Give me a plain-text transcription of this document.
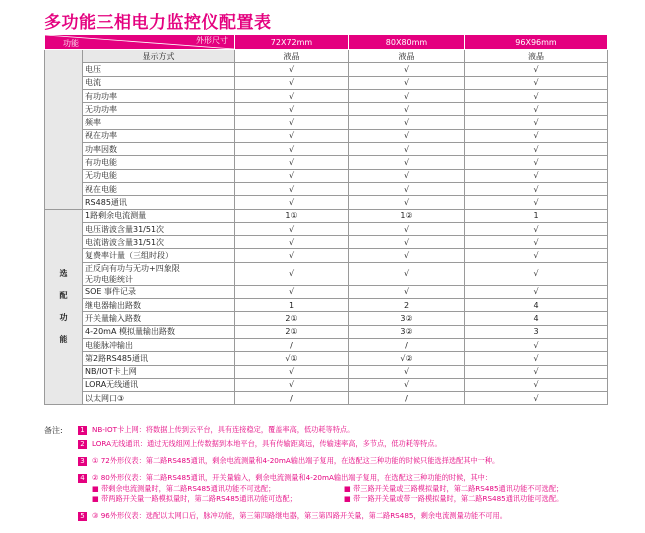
多功能三相电力监控仪配置表
外形尺寸
功能		72X72mm	80X80mm	96X96mm
	显示方式	液晶	液晶	液晶
	电压	√	√	√
	电流	√	√	√
	有功功率	√	√	√
	无功功率	√	√	√
	频率	√	√	√
	视在功率	√	√	√
	功率因数	√	√	√
	有功电能	√	√	√
	无功电能	√	√	√
	视在电能	√	√	√
	RS485通讯	√	√	√
选

配

功

能	1路剩余电流测量	1①	1②	1
	电压谐波含量31/51次	√	√	√
	电流谐波含量31/51次	√	√	√
	复费率计量（三组时段）	√	√	√
	正反向有功与无功+四象限
无功电能统计	√	√	√
	SOE 事件记录	√	√	√
	继电器输出路数	1	2	4
	开关量输入路数	2①	3②	4
	4-20mA 模拟量输出路数	2①	3②	3
	电能脉冲输出	/	/	√
	第2路RS485通讯	√①	√②	√
	NB/IOT卡上网	√	√	√
	LORA无线通讯	√	√	√
	以太网口③	/	/	√
备注:	1 NB-IOT卡上网：将数据上传到云平台，具有连接稳定，覆盖率高，低功耗等特点。
2 LORA无线通讯：通过无线组网上传数据到本地平台，具有传输距离远，传输速率高，多节点，低功耗等特点。
3 ① 72外形仪表：第二路RS485通讯，剩余电流测量和4-20mA输出端子复用，在选配这三种功能的时候只能选择选配其中一种。
4 ② 80外形仪表：第二路RS485通讯，开关量输入，剩余电流测量和4-20mA输出端子复用，在选配这三种功能的时候，其中：
■ 带剩余电流测量时，第二路RS485通讯功能不可选配；	■ 带三路开关量或三路模拟量时，第二路RS485通讯功能不可选配；
■ 带两路开关量一路模拟量时，第二路RS485通讯功能可选配；	■ 带一路开关量或带一路模拟量时，第二路RS485通讯功能可选配。
5 ③ 96外形仪表：选配以太网口后，脉冲功能，第三第四路继电器，第三第四路开关量，第二路RS485，剩余电流测量功能不可用。
